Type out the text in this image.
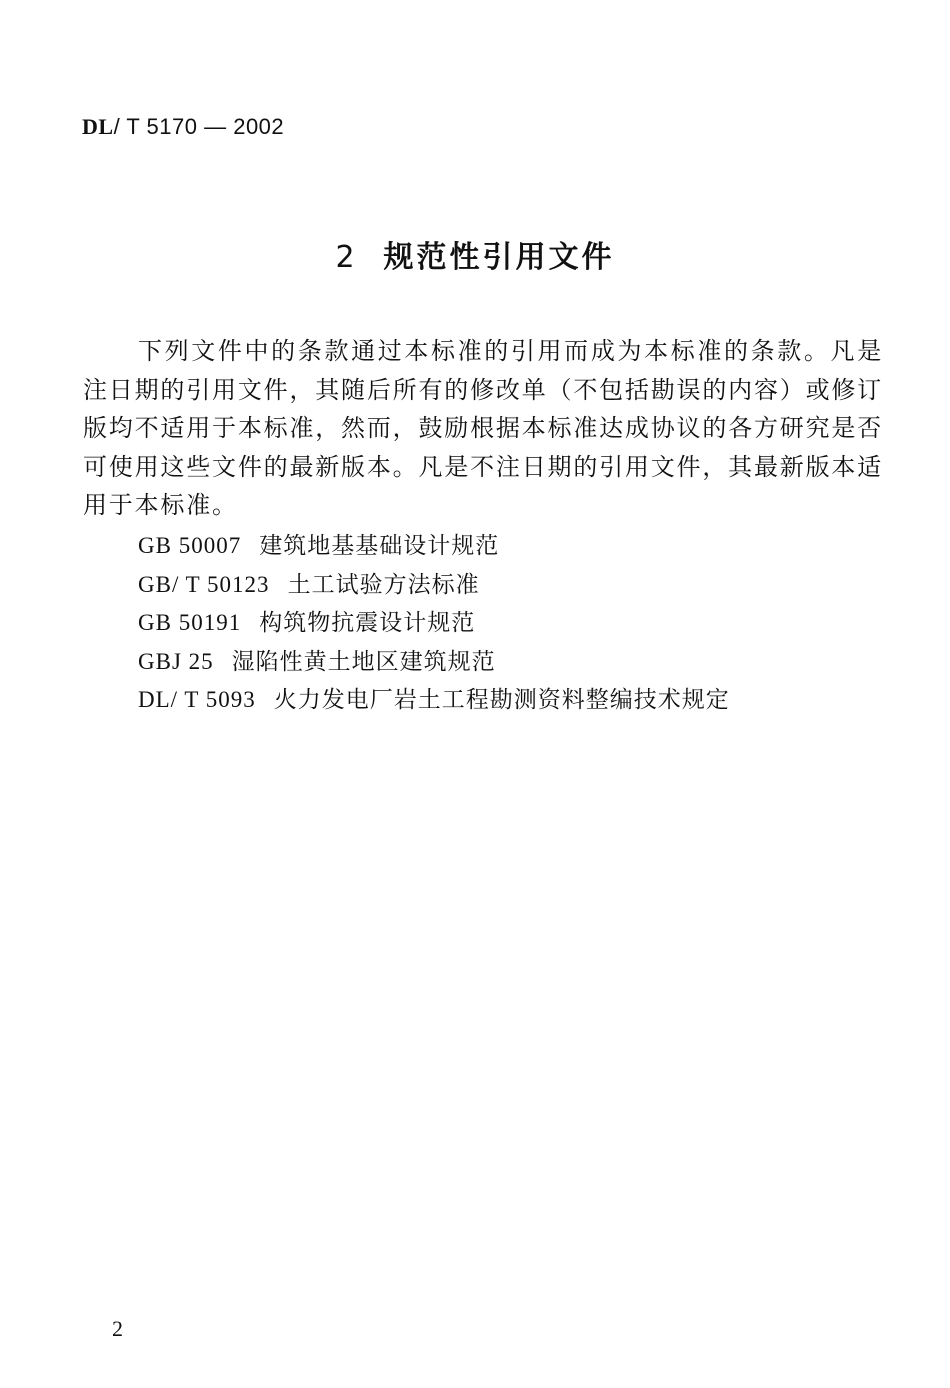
DL/ T 5170 — 2002
2 规范性引用文件
下列文件中的条款通过本标准的引用而成为本标准的条款。凡是注日期的引用文件，其随后所有的修改单（不包括勘误的内容）或修订版均不适用于本标准，然而，鼓励根据本标准达成协议的各方研究是否可使用这些文件的最新版本。凡是不注日期的引用文件，其最新版本适用于本标准。
GB 50007 建筑地基基础设计规范
GB/ T 50123 土工试验方法标准
GB 50191 构筑物抗震设计规范
GBJ 25 湿陷性黄土地区建筑规范
DL/ T 5093 火力发电厂岩土工程勘测资料整编技术规定
2
